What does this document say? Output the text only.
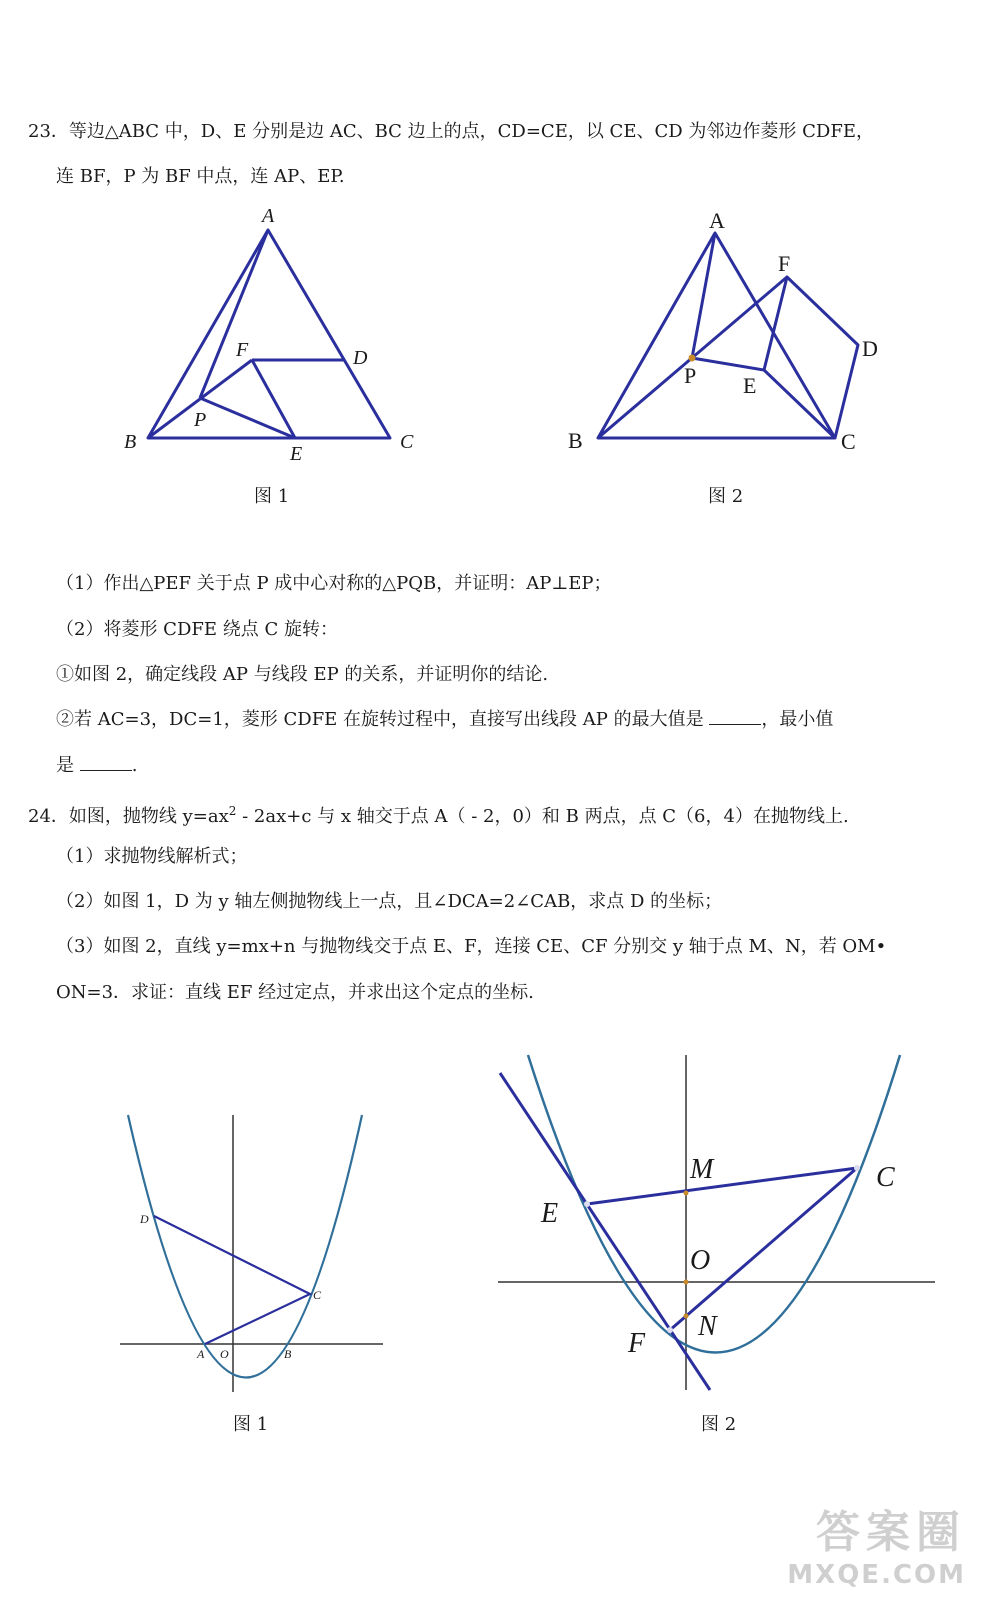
23．等边△ABC 中，D、E 分别是边 AC、BC 边上的点，CD=CE，以 CE、CD 为邻边作菱形 CDFE，
连 BF，P 为 BF 中点，连 AP、EP.
A
B	C
D
E
F
P
A
B	C
D
E
F
P
图 1	图 2
（1）作出△PEF 关于点 P 成中心对称的△PQB，并证明：AP⊥EP；
（2）将菱形 CDFE 绕点 C 旋转：
①如图 2，确定线段 AP 与线段 EP 的关系，并证明你的结论.
②若 AC=3，DC=1，菱形 CDFE 在旋转过程中，直接写出线段 AP 的最大值是	，最小值
是	.
24．如图，抛物线 $y=ax^2 - 2ax+c$ 与 x 轴交于点 A（ - 2，0）和 B 两点，点 C（6，4）在抛物线上.
（1）求抛物线解析式；
（2）如图 1，D 为 y 轴左侧抛物线上一点，且∠DCA=2∠CAB，求点 D 的坐标；
（3）如图 2，直线 y=mx+n 与抛物线交于点 E、F，连接 CE、CF 分别交 y 轴于点 M、N，若 OM•
ON=3．求证：直线 EF 经过定点，并求出这个定点的坐标.
D
C
A O	B
M	C
E
O
N
F
图 1	图 2
答案圈
MXQE.COM
